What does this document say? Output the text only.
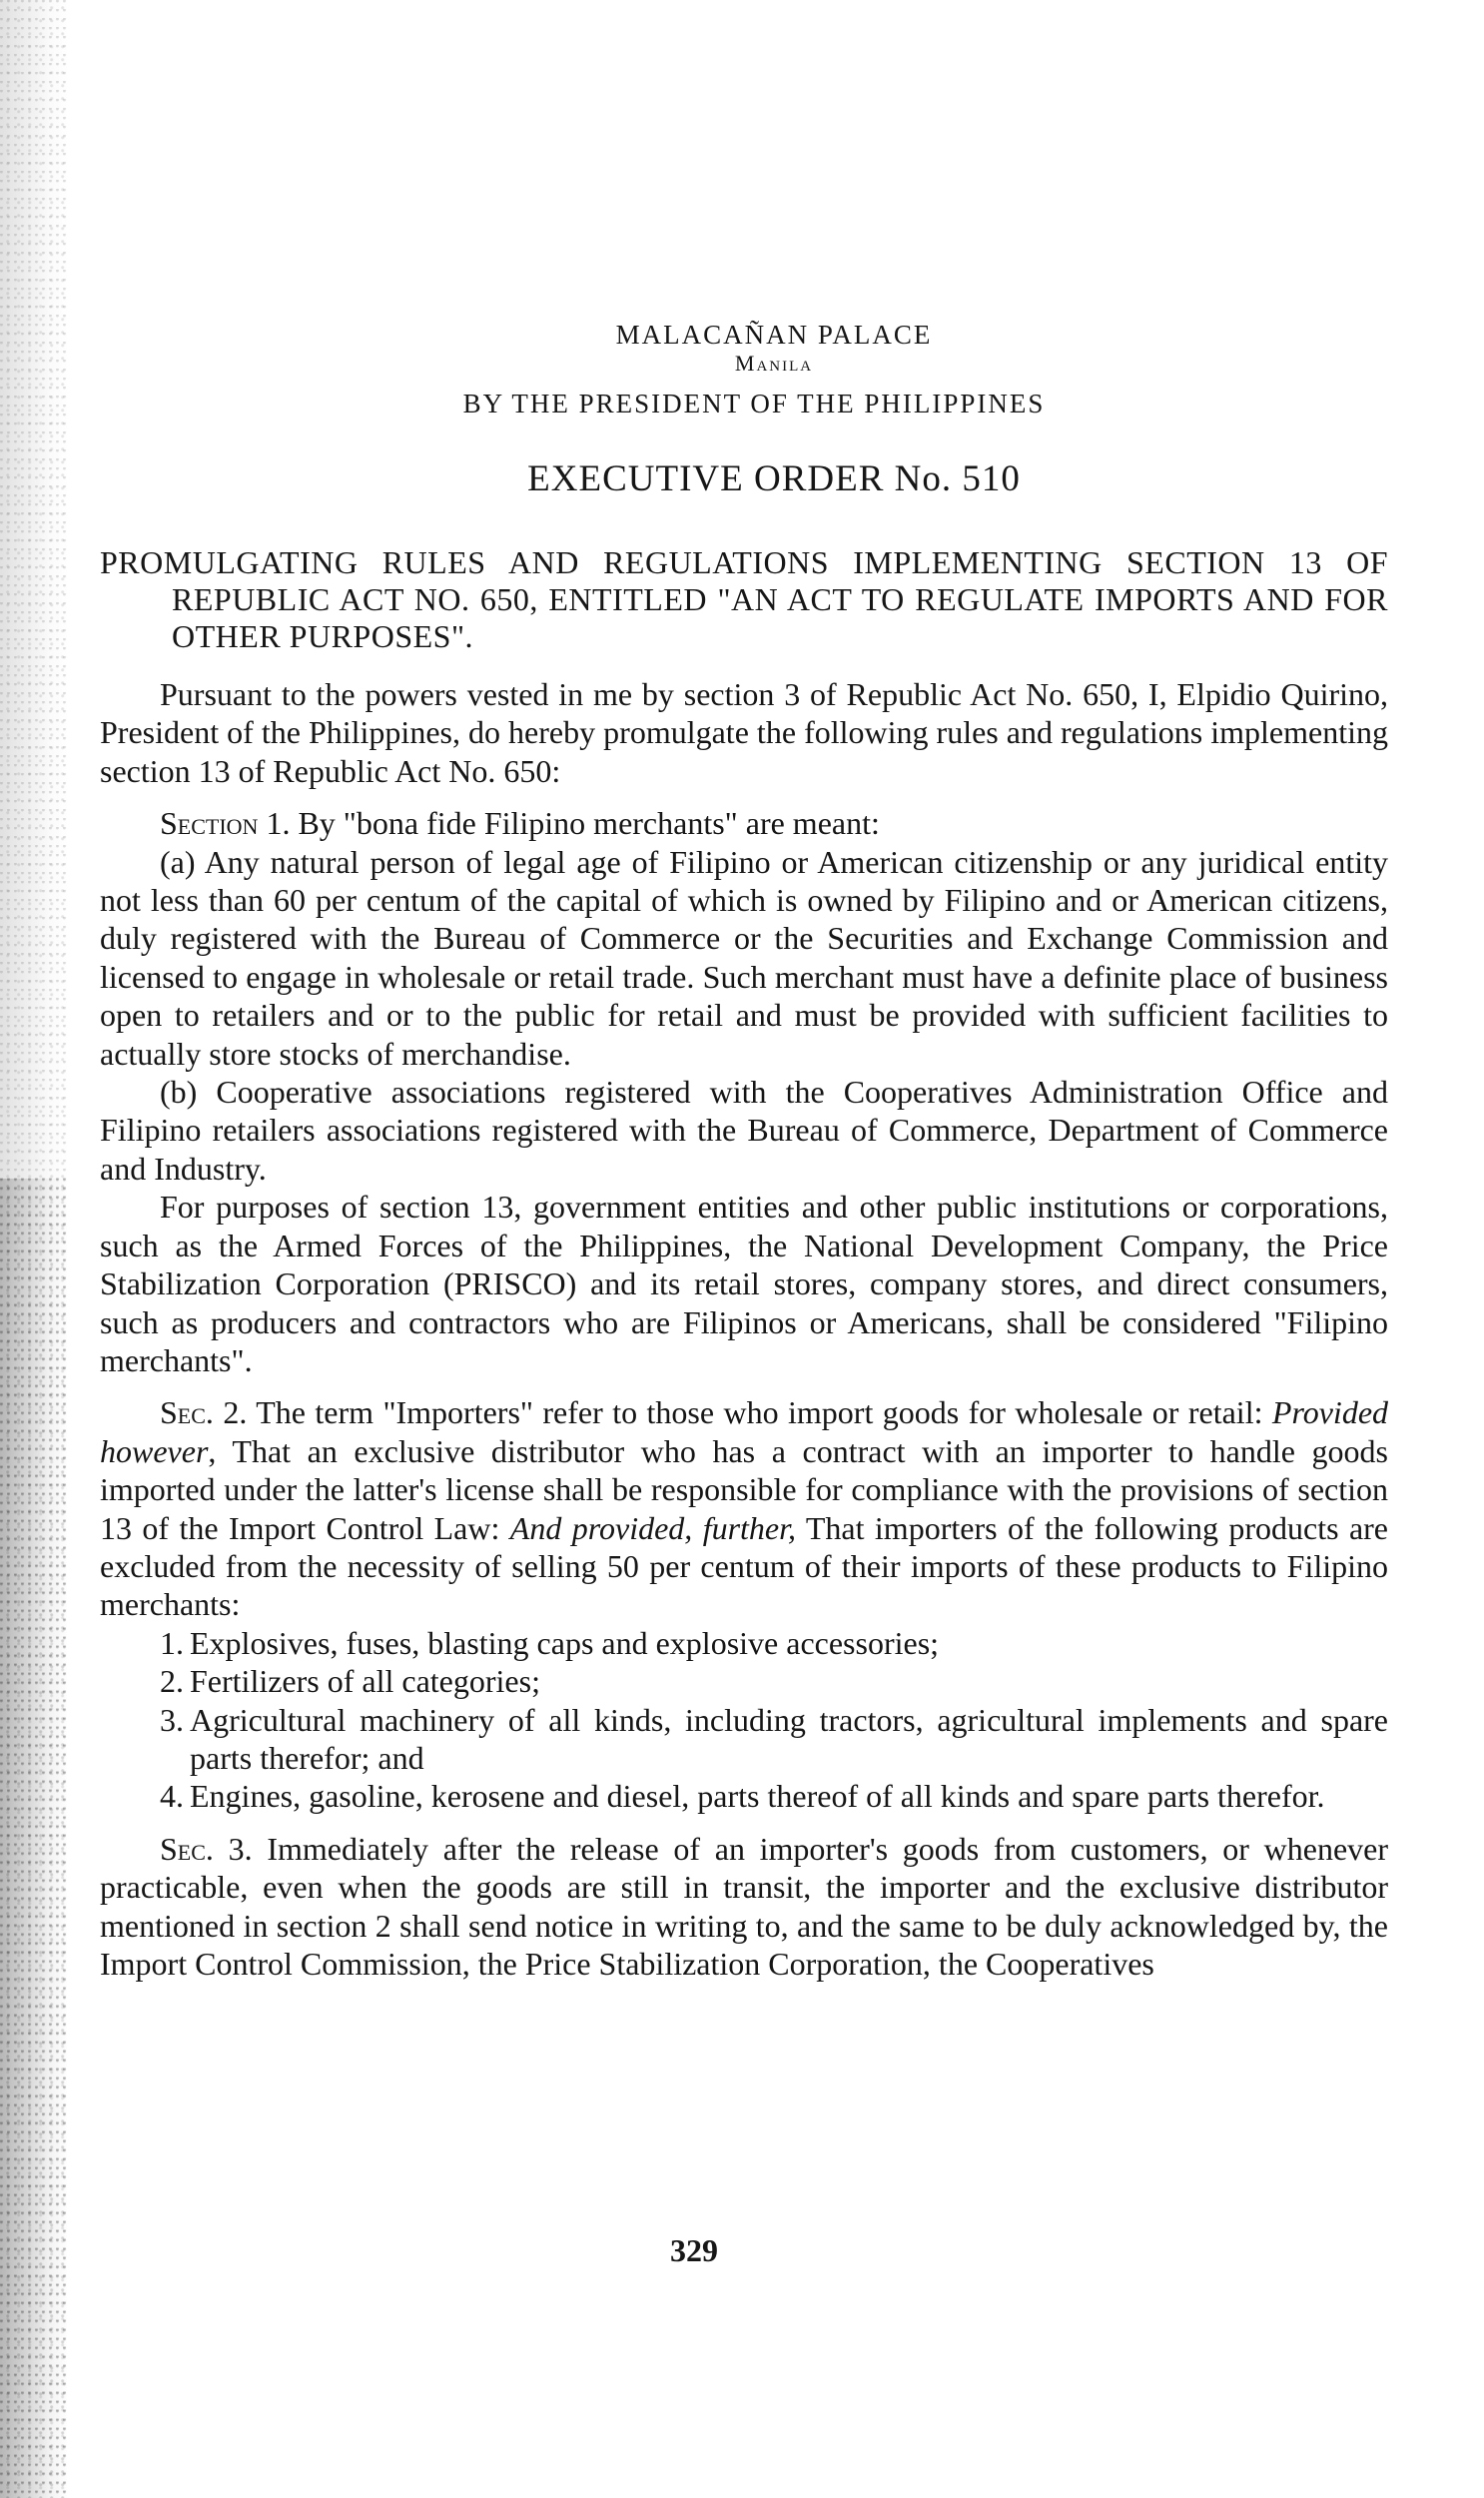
MALACAÑAN PALACE
Manila
BY THE PRESIDENT OF THE PHILIPPINES
EXECUTIVE ORDER No. 510
PROMULGATING RULES AND REGULATIONS IMPLEMENTING SECTION 13 OF REPUBLIC ACT NO. 650, ENTITLED "AN ACT TO REGULATE IMPORTS AND FOR OTHER PURPOSES".

Pursuant to the powers vested in me by section 3 of Republic Act No. 650, I, Elpidio Quirino, President of the Philippines, do hereby promulgate the following rules and regulations implementing section 13 of Republic Act No. 650:

Section 1. By "bona fide Filipino merchants" are meant:

(a) Any natural person of legal age of Filipino or American citizenship or any juridical entity not less than 60 per centum of the capital of which is owned by Filipino and or American citizens, duly registered with the Bureau of Commerce or the Securities and Exchange Commission and licensed to engage in wholesale or retail trade. Such merchant must have a definite place of business open to retailers and or to the public for retail and must be provided with sufficient facilities to actually store stocks of merchandise.

(b) Cooperative associations registered with the Cooperatives Administration Office and Filipino retailers associations registered with the Bureau of Commerce, Department of Commerce and Industry.

For purposes of section 13, government entities and other public institutions or corporations, such as the Armed Forces of the Philippines, the National Development Company, the Price Stabilization Corporation (PRISCO) and its retail stores, company stores, and direct consumers, such as producers and contractors who are Filipinos or Americans, shall be considered "Filipino merchants".

Sec. 2. The term "Importers" refer to those who import goods for wholesale or retail: Provided however, That an exclusive distributor who has a contract with an importer to handle goods imported under the latter's license shall be responsible for compliance with the provisions of section 13 of the Import Control Law: And provided, further, That importers of the following products are excluded from the necessity of selling 50 per centum of their imports of these products to Filipino merchants:

1. Explosives, fuses, blasting caps and explosive accessories;
2. Fertilizers of all categories;
3. Agricultural machinery of all kinds, including tractors, agricultural implements and spare parts therefor; and
4. Engines, gasoline, kerosene and diesel, parts thereof of all kinds and spare parts therefor.

Sec. 3. Immediately after the release of an importer's goods from customers, or whenever practicable, even when the goods are still in transit, the importer and the exclusive distributor mentioned in section 2 shall send notice in writing to, and the same to be duly acknowledged by, the Import Control Commission, the Price Stabilization Corporation, the Cooperatives

329
